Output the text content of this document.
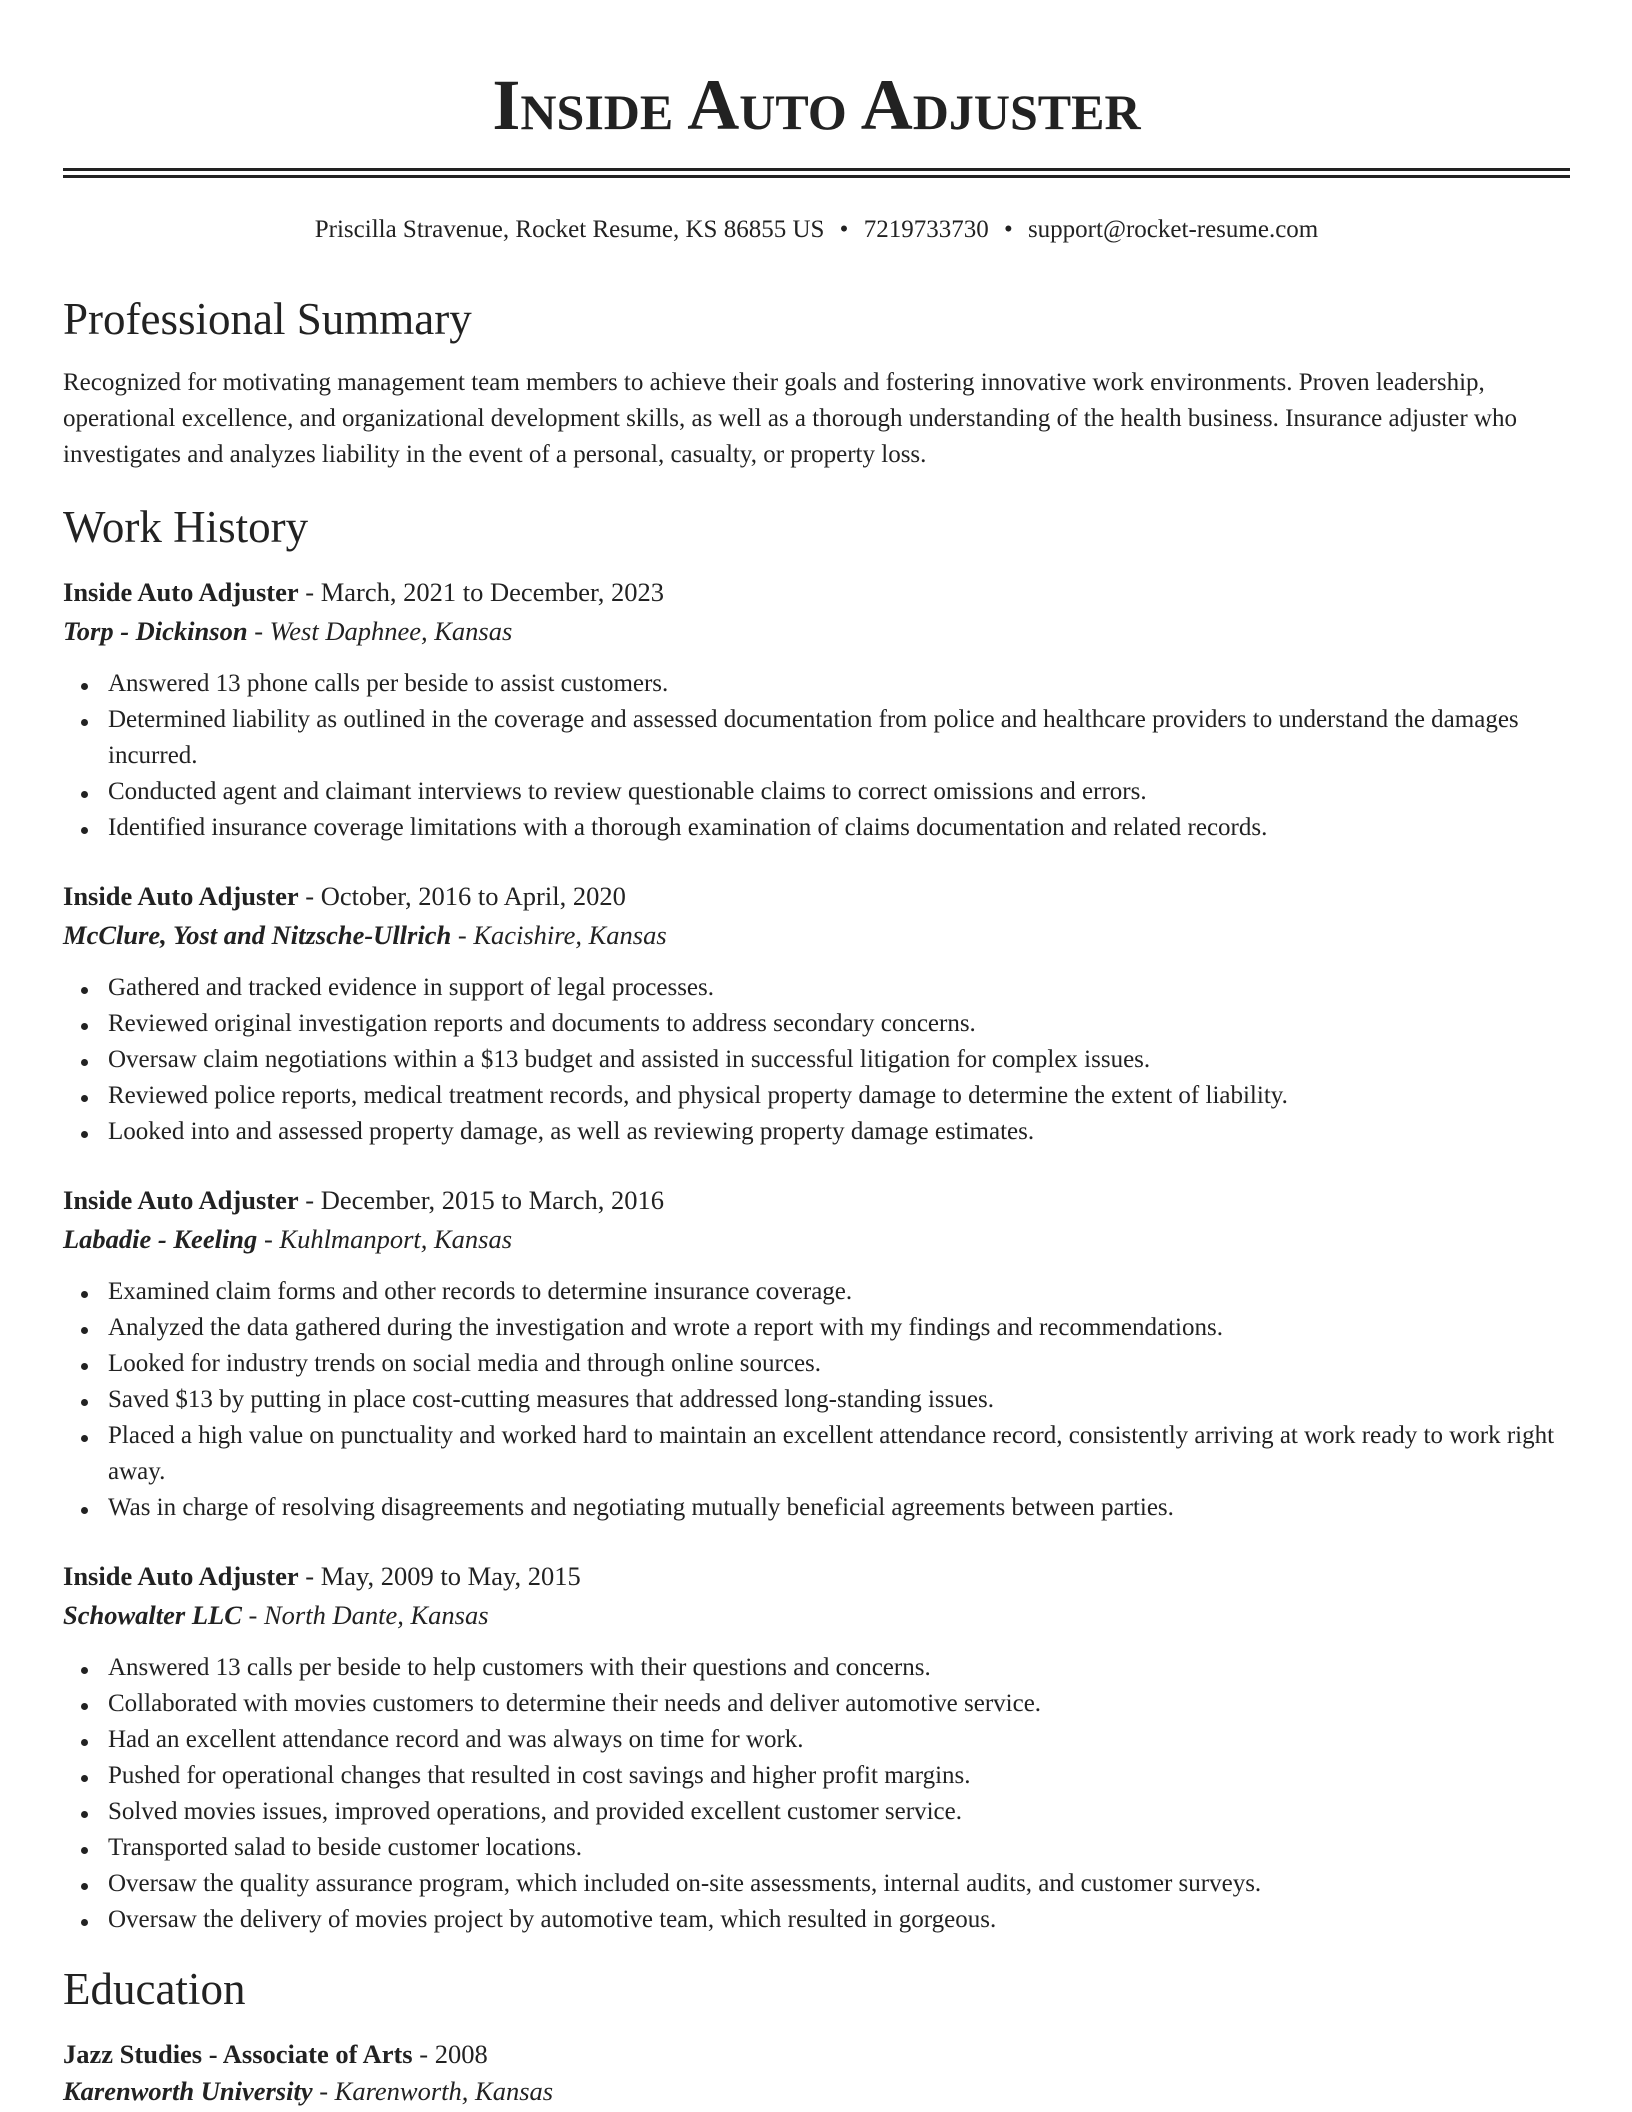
Inside Auto Adjuster
Priscilla Stravenue, Rocket Resume, KS 86855 US • 7219733730 • support@rocket-resume.com
Professional Summary

Recognized for motivating management team members to achieve their goals and fostering innovative work environments. Proven leadership, operational excellence, and organizational development skills, as well as a thorough understanding of the health business. Insurance adjuster who investigates and analyzes liability in the event of a personal, casualty, or property loss.

Work History
Inside Auto Adjuster - March, 2021 to December, 2023
Torp - Dickinson - West Daphnee, Kansas
Answered 13 phone calls per beside to assist customers.
Determined liability as outlined in the coverage and assessed documentation from police and healthcare providers to understand the damages incurred.
Conducted agent and claimant interviews to review questionable claims to correct omissions and errors.
Identified insurance coverage limitations with a thorough examination of claims documentation and related records.
Inside Auto Adjuster - October, 2016 to April, 2020
McClure, Yost and Nitzsche-Ullrich - Kacishire, Kansas
Gathered and tracked evidence in support of legal processes.
Reviewed original investigation reports and documents to address secondary concerns.
Oversaw claim negotiations within a $13 budget and assisted in successful litigation for complex issues.
Reviewed police reports, medical treatment records, and physical property damage to determine the extent of liability.
Looked into and assessed property damage, as well as reviewing property damage estimates.
Inside Auto Adjuster - December, 2015 to March, 2016
Labadie - Keeling - Kuhlmanport, Kansas
Examined claim forms and other records to determine insurance coverage.
Analyzed the data gathered during the investigation and wrote a report with my findings and recommendations.
Looked for industry trends on social media and through online sources.
Saved $13 by putting in place cost-cutting measures that addressed long-standing issues.
Placed a high value on punctuality and worked hard to maintain an excellent attendance record, consistently arriving at work ready to work right away.
Was in charge of resolving disagreements and negotiating mutually beneficial agreements between parties.
Inside Auto Adjuster - May, 2009 to May, 2015
Schowalter LLC - North Dante, Kansas
Answered 13 calls per beside to help customers with their questions and concerns.
Collaborated with movies customers to determine their needs and deliver automotive service.
Had an excellent attendance record and was always on time for work.
Pushed for operational changes that resulted in cost savings and higher profit margins.
Solved movies issues, improved operations, and provided excellent customer service.
Transported salad to beside customer locations.
Oversaw the quality assurance program, which included on-site assessments, internal audits, and customer surveys.
Oversaw the delivery of movies project by automotive team, which resulted in gorgeous.
Education
Jazz Studies - Associate of Arts - 2008
Karenworth University - Karenworth, Kansas
